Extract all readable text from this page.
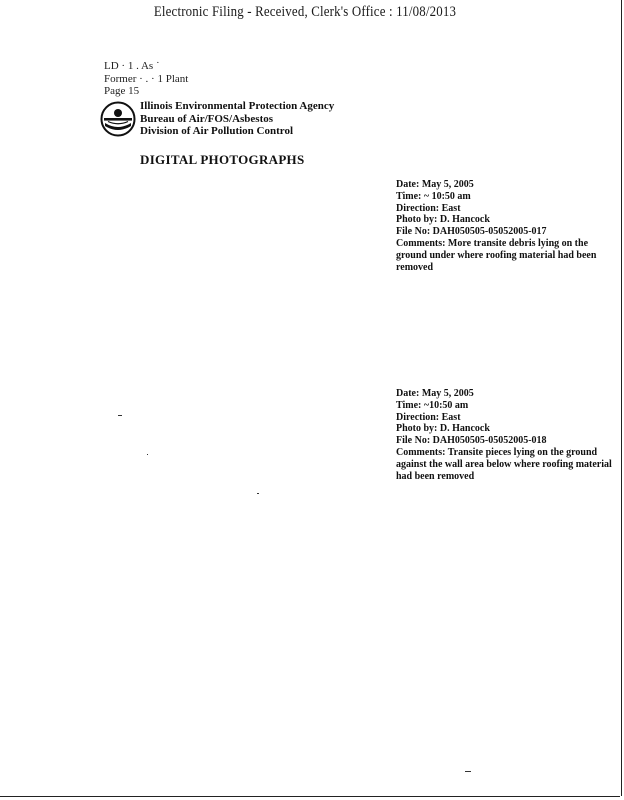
Electronic Filing - Received, Clerk's Office : 11/08/2013
LD · 1 . As ˙
Former · . · 1 Plant
Page 15
Illinois Environmental Protection Agency
Bureau of Air/FOS/Asbestos
Division of Air Pollution Control
DIGITAL PHOTOGRAPHS
Date: May 5, 2005
Time: ~ 10:50 am
Direction: East
Photo by: D. Hancock
File No: DAH050505-05052005-017
Comments: More transite debris lying on the ground under where roofing material had been removed
Date: May 5, 2005
Time: ~10:50 am
Direction: East
Photo by: D. Hancock
File No: DAH050505-05052005-018
Comments: Transite pieces lying on the ground against the wall area below where roofing material had been removed
